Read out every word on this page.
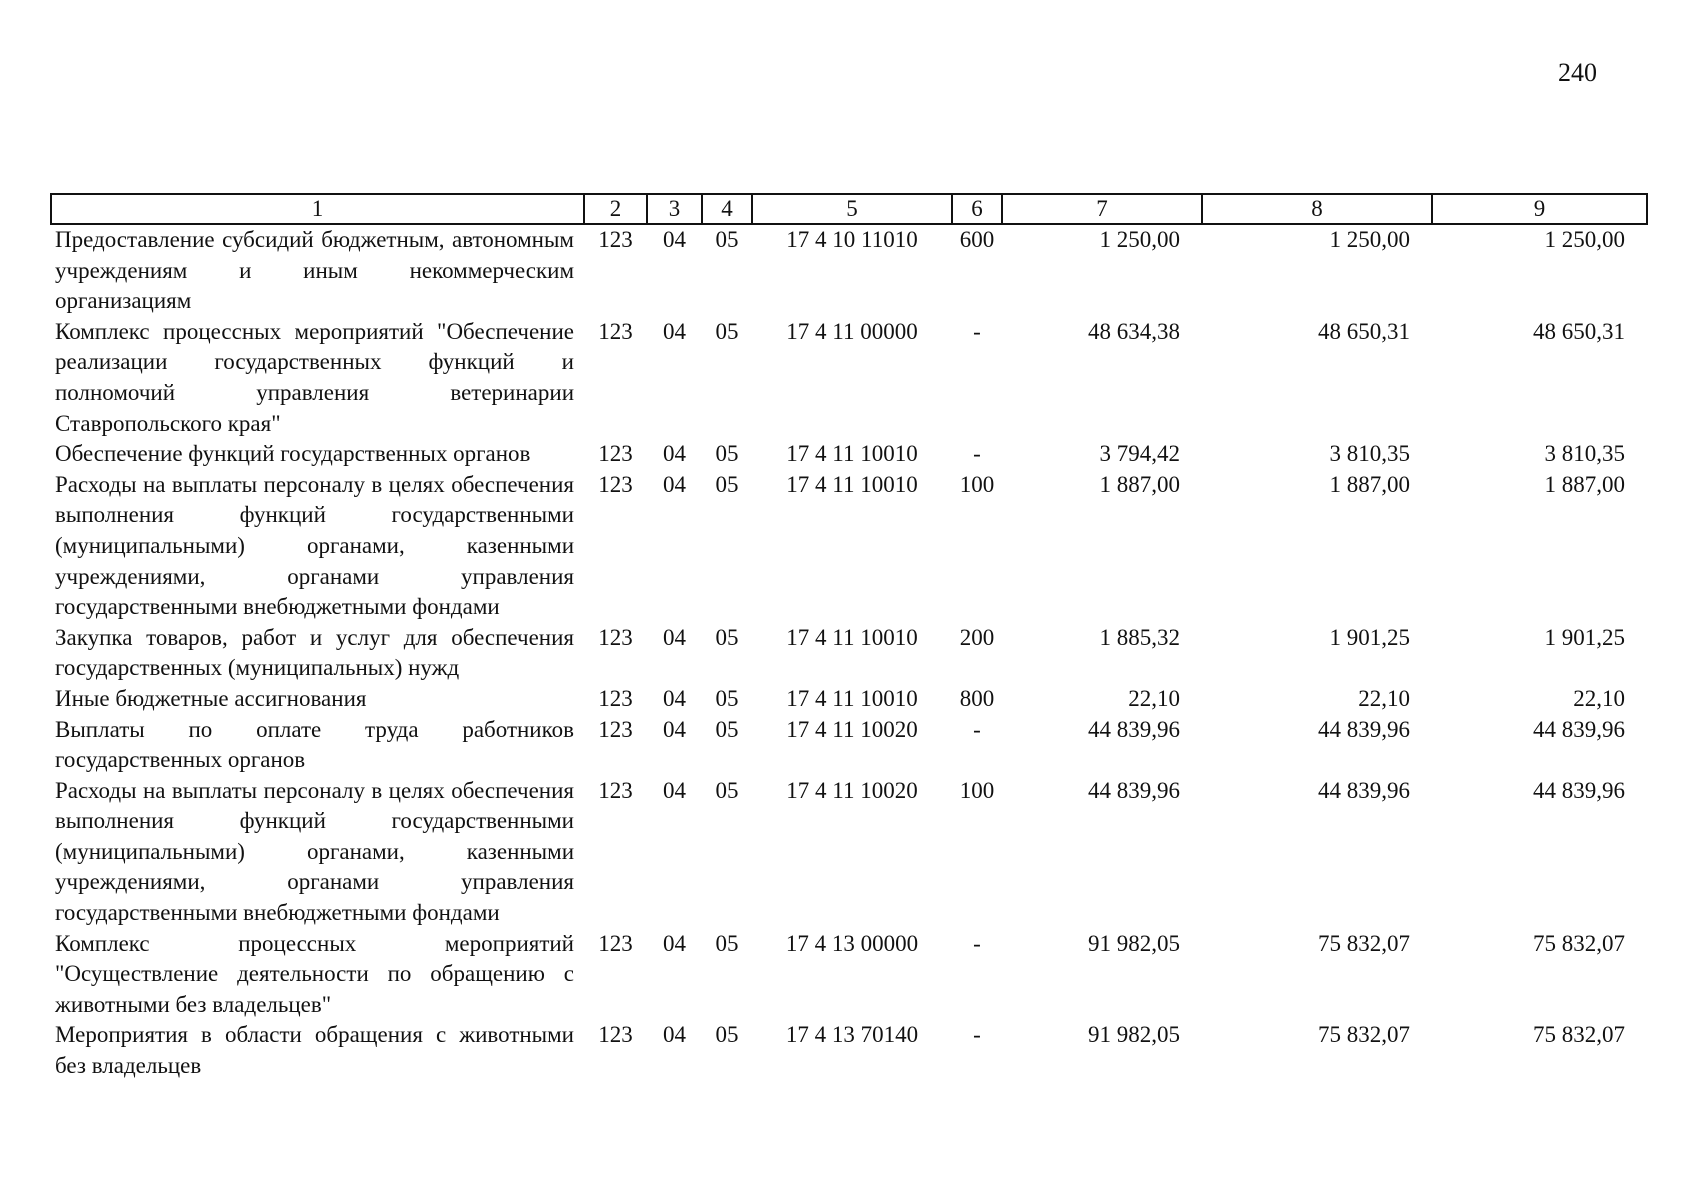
240
1	2	3	4	5	6	7	8	9
Предоставление субсидий бюджетным, автономным учреждениям и иным некоммерческим организациям	123	04	05	17 4 10 11010	600	1 250,00	1 250,00	1 250,00
Комплекс процессных мероприятий "Обеспечение реализации государственных функций и полномочий управления ветеринарии Ставропольского края"	123	04	05	17 4 11 00000	-	48 634,38	48 650,31	48 650,31
Обеспечение функций государственных органов	123	04	05	17 4 11 10010	-	3 794,42	3 810,35	3 810,35
Расходы на выплаты персоналу в целях обеспечения выполнения функций государственными (муниципальными) органами, казенными учреждениями, органами управления государственными внебюджетными фондами	123	04	05	17 4 11 10010	100	1 887,00	1 887,00	1 887,00
Закупка товаров, работ и услуг для обеспечения государственных (муниципальных) нужд	123	04	05	17 4 11 10010	200	1 885,32	1 901,25	1 901,25
Иные бюджетные ассигнования	123	04	05	17 4 11 10010	800	22,10	22,10	22,10
Выплаты по оплате труда работников государственных органов	123	04	05	17 4 11 10020	-	44 839,96	44 839,96	44 839,96
Расходы на выплаты персоналу в целях обеспечения выполнения функций государственными (муниципальными) органами, казенными учреждениями, органами управления государственными внебюджетными фондами	123	04	05	17 4 11 10020	100	44 839,96	44 839,96	44 839,96
Комплекс процессных мероприятий "Осуществление деятельности по обращению с животными без владельцев"	123	04	05	17 4 13 00000	-	91 982,05	75 832,07	75 832,07
Мероприятия в области обращения с животными без владельцев	123	04	05	17 4 13 70140	-	91 982,05	75 832,07	75 832,07
